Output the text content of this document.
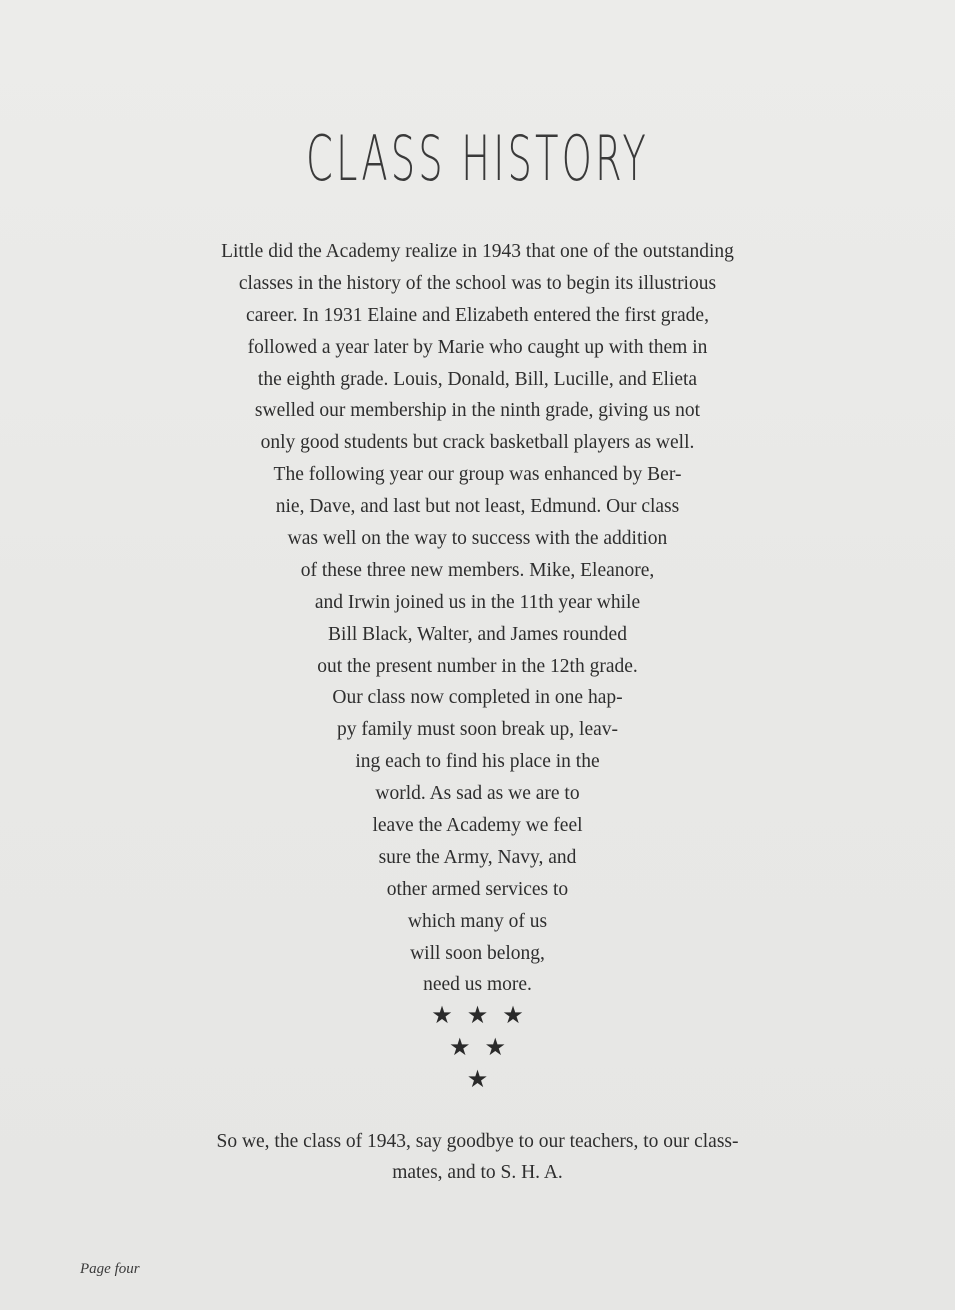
CLASS HISTORY
Little did the Academy realize in 1943 that one of the outstanding
classes in the history of the school was to begin its illustrious
career. In 1931 Elaine and Elizabeth entered the first grade,
followed a year later by Marie who caught up with them in
the eighth grade. Louis, Donald, Bill, Lucille, and Elieta
swelled our membership in the ninth grade, giving us not
only good students but crack basketball players as well.
The following year our group was enhanced by Ber-
nie, Dave, and last but not least, Edmund. Our class
was well on the way to success with the addition
of these three new members. Mike, Eleanore,
and Irwin joined us in the 11th year while
Bill Black, Walter, and James rounded
out the present number in the 12th grade.
Our class now completed in one hap-
py family must soon break up, leav-
ing each to find his place in the
world. As sad as we are to
leave the Academy we feel
sure the Army, Navy, and
other armed services to
which many of us
will soon belong,
need us more.
★ ★ ★
★ ★
★
So we, the class of 1943, say goodbye to our teachers, to our class-
mates, and to S. H. A.
Page four
